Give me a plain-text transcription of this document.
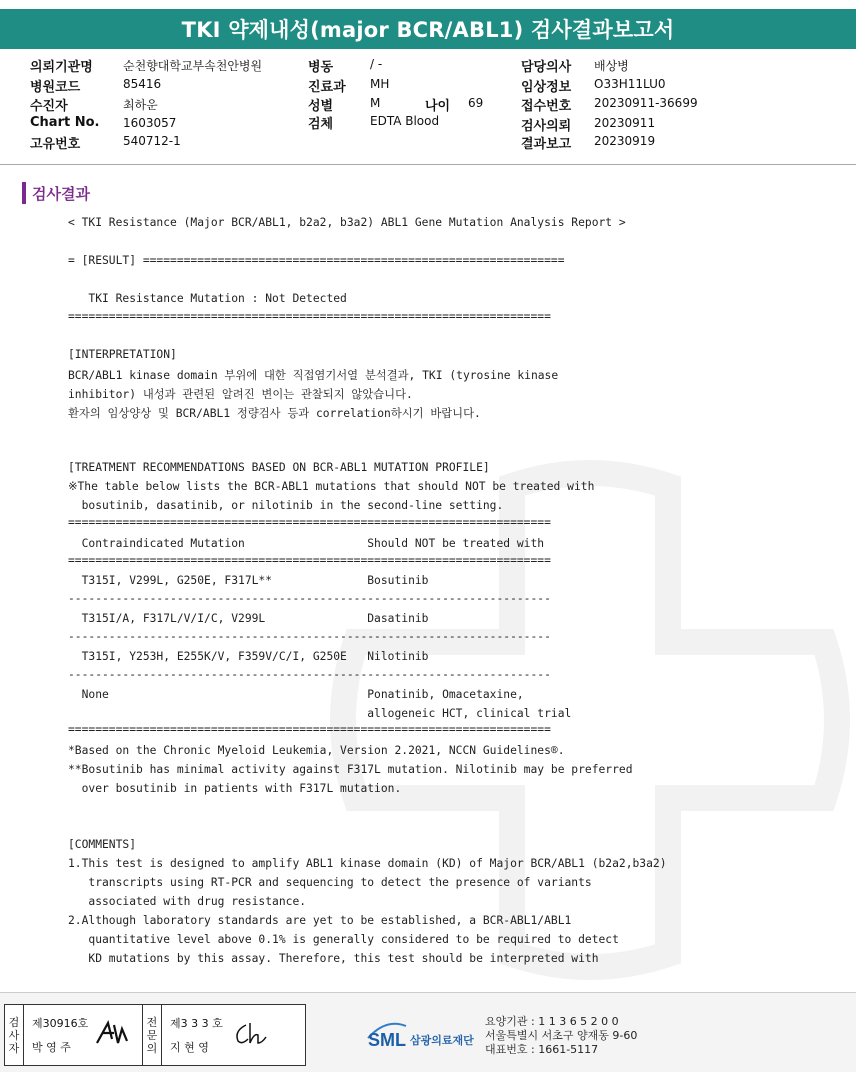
TKI 약제내성(major BCR/ABL1) 검사결과보고서
의뢰기관명	순천향대학교부속천안병원
병원코드	85416
수진자	최하운
Chart No. 1603057
고유번호	540712-1
병동	/ -
진료과 MH
성별	M	나이 69
검체	EDTA Blood
담당의사 배상병
임상정보 O33H11LU0
접수번호 20230911-36699
검사의뢰 20230911
결과보고 20230919
검사결과
< TKI Resistance (Major BCR/ABL1, b2a2, b3a2) ABL1 Gene Mutation Analysis Report >
= [RESULT] ==============================================================
TKI Resistance Mutation : Not Detected
=======================================================================
[INTERPRETATION]
BCR/ABL1 kinase domain 부위에 대한 직접염기서열 분석결과, TKI (tyrosine kinase
inhibitor) 내성과 관련된 알려진 변이는 관찰되지 않았습니다.
환자의 임상양상 및 BCR/ABL1 정량검사 등과 correlation하시기 바랍니다.
[TREATMENT RECOMMENDATIONS BASED ON BCR-ABL1 MUTATION PROFILE]
※The table below lists the BCR-ABL1 mutations that should NOT be treated with
bosutinib, dasatinib, or nilotinib in the second-line setting.
=======================================================================
Contraindicated Mutation                  Should NOT be treated with
=======================================================================
T315I, V299L, G250E, F317L**              Bosutinib
-----------------------------------------------------------------------
T315I/A, F317L/V/I/C, V299L               Dasatinib
-----------------------------------------------------------------------
T315I, Y253H, E255K/V, F359V/C/I, G250E   Nilotinib
-----------------------------------------------------------------------
None                                      Ponatinib, Omacetaxine,
allogeneic HCT, clinical trial
=======================================================================
*Based on the Chronic Myeloid Leukemia, Version 2.2021, NCCN Guidelines®.
**Bosutinib has minimal activity against F317L mutation. Nilotinib may be preferred
over bosutinib in patients with F317L mutation.
[COMMENTS]
1.This test is designed to amplify ABL1 kinase domain (KD) of Major BCR/ABL1 (b2a2,b3a2)
transcripts using RT-PCR and sequencing to detect the presence of variants
associated with drug resistance.
2.Although laboratory standards are yet to be established, a BCR-ABL1/ABL1
quantitative level above 0.1% is generally considered to be required to detect
KD mutations by this assay. Therefore, this test should be interpreted with
검사자
제30916호
박 영 주
전문의
제3 3 3 호
지 현 영	SML 삼광의료재단
요양기관 : 1 1 3 6 5 2 0 0
서울특별시 서초구 양재동 9-60
대표번호 : 1661-5117
